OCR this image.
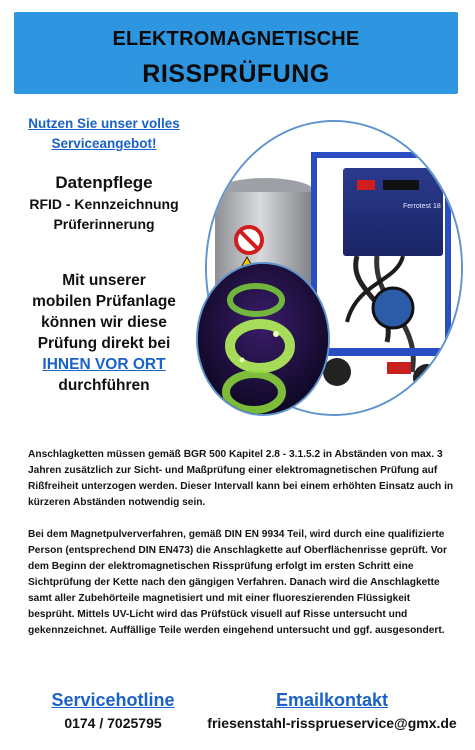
ELEKTROMAGNETISCHE
RISSPRÜFUNG
Nutzen Sie unser volles
Serviceangebot!
Datenpflege
RFID - Kennzeichnung
Prüferinnerung
Mit unserer
mobilen Prüfanlage
können wir diese
Prüfung direkt bei
IHNEN VOR ORT
durchführen
Ferrotest 18
Anschlagketten müssen gemäß BGR 500 Kapitel 2.8 - 3.1.5.2 in Abständen von max. 3 Jahren zusätzlich zur Sicht- und Maßprüfung einer elektromagnetischen Prüfung auf Rißfreiheit unterzogen werden. Dieser Intervall kann bei einem erhöhten Einsatz auch in kürzeren Abständen notwendig sein.
Bei dem Magnetpulververfahren, gemäß DIN EN 9934 Teil, wird durch eine qualifizierte Person (entsprechend DIN EN473) die Anschlagkette auf Oberflächenrisse geprüft. Vor dem Beginn der elektromagnetischen Rissprüfung erfolgt im ersten Schritt eine Sichtprüfung der Kette nach den gängigen Verfahren. Danach wird die Anschlagkette samt aller Zubehörteile magnetisiert und mit einer fluoreszierenden Flüssigkeit besprüht. Mittels UV-Licht wird das Prüfstück visuell auf Risse untersucht und gekennzeichnet. Auffällige Teile werden eingehend untersucht und ggf. ausgesondert.
Servicehotline
0174 / 7025795
Emailkontakt
friesenstahl-rissprueservice@gmx.de
